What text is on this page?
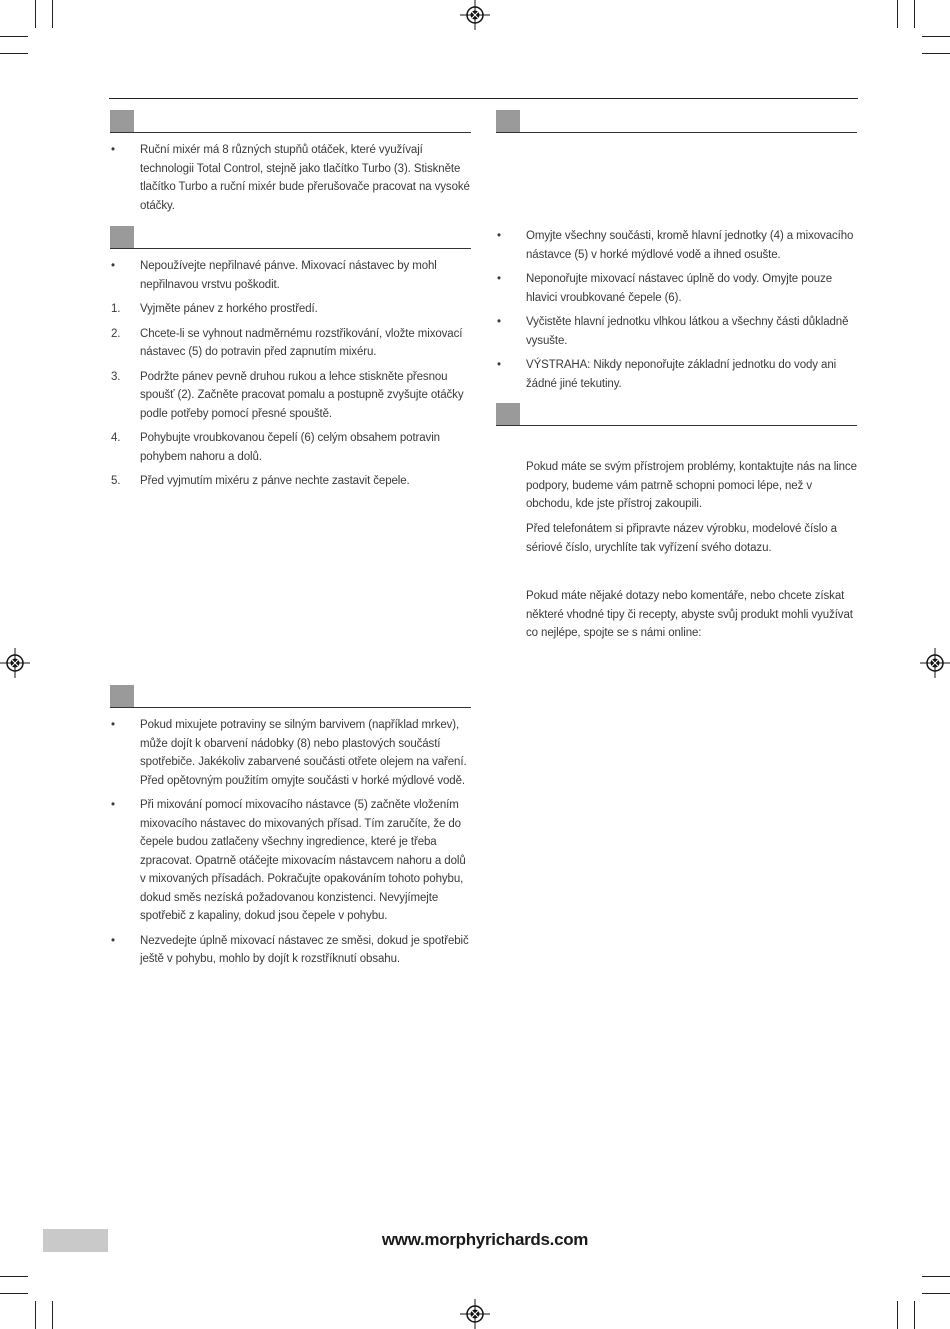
• Ruční mixér má 8 různých stupňů otáček, které využívají technologii Total Control, stejně jako tlačítko Turbo (3). Stiskněte tlačítko Turbo a ruční mixér bude přerušovače pracovat na vysoké otáčky.
• Nepoužívejte nepřilnavé pánve. Mixovací nástavec by mohl nepřilnavou vrstvu poškodit.
1. Vyjměte pánev z horkého prostředí.
2. Chcete-li se vyhnout nadměrnému rozstřikování, vložte mixovací nástavec (5) do potravin před zapnutím mixéru.
3. Podržte pánev pevně druhou rukou a lehce stiskněte přesnou spoušť (2). Začněte pracovat pomalu a postupně zvyšujte otáčky podle potřeby pomocí přesné spouště.
4. Pohybujte vroubkovanou čepelí (6) celým obsahem potravin pohybem nahoru a dolů.
5. Před vyjmutím mixéru z pánve nechte zastavit čepele.
• Pokud mixujete potraviny se silným barvivem (například mrkev), může dojít k obarvení nádobky (8) nebo plastových součástí spotřebiče. Jakékoliv zabarvené součásti otřete olejem na vaření. Před opětovným použitím omyjte součásti v horké mýdlové vodě.
• Při mixování pomocí mixovacího nástavce (5) začněte vložením mixovacího nástavec do mixovaných přísad. Tím zaručíte, že do čepele budou zatlačeny všechny ingredience, které je třeba zpracovat. Opatrně otáčejte mixovacím nástavcem nahoru a dolů v mixovaných přísadách. Pokračujte opakováním tohoto pohybu, dokud směs nezíská požadovanou konzistenci. Nevyjímejte spotřebič z kapaliny, dokud jsou čepele v pohybu.
• Nezvedejte úplně mixovací nástavec ze směsi, dokud je spotřebič ještě v pohybu, mohlo by dojít k rozstříknutí obsahu.
• Omyjte všechny součásti, kromě hlavní jednotky (4) a mixovacího nástavce (5) v horké mýdlové vodě a ihned osušte.
• Neponořujte mixovací nástavec úplně do vody. Omyjte pouze hlavici vroubkované čepele (6).
• Vyčistěte hlavní jednotku vlhkou látkou a všechny části důkladně vysušte.
• VÝSTRAHA: Nikdy neponořujte základní jednotku do vody ani žádné jiné tekutiny.
Pokud máte se svým přístrojem problémy, kontaktujte nás na lince podpory, budeme vám patrně schopni pomoci lépe, než v obchodu, kde jste přístroj zakoupili.
Před telefonátem si připravte název výrobku, modelové číslo a sériové číslo, urychlíte tak vyřízení svého dotazu.
Pokud máte nějaké dotazy nebo komentáře, nebo chcete získat některé vhodné tipy či recepty, abyste svůj produkt mohli využívat co nejlépe, spojte se s námi online:
www.morphyrichards.com
